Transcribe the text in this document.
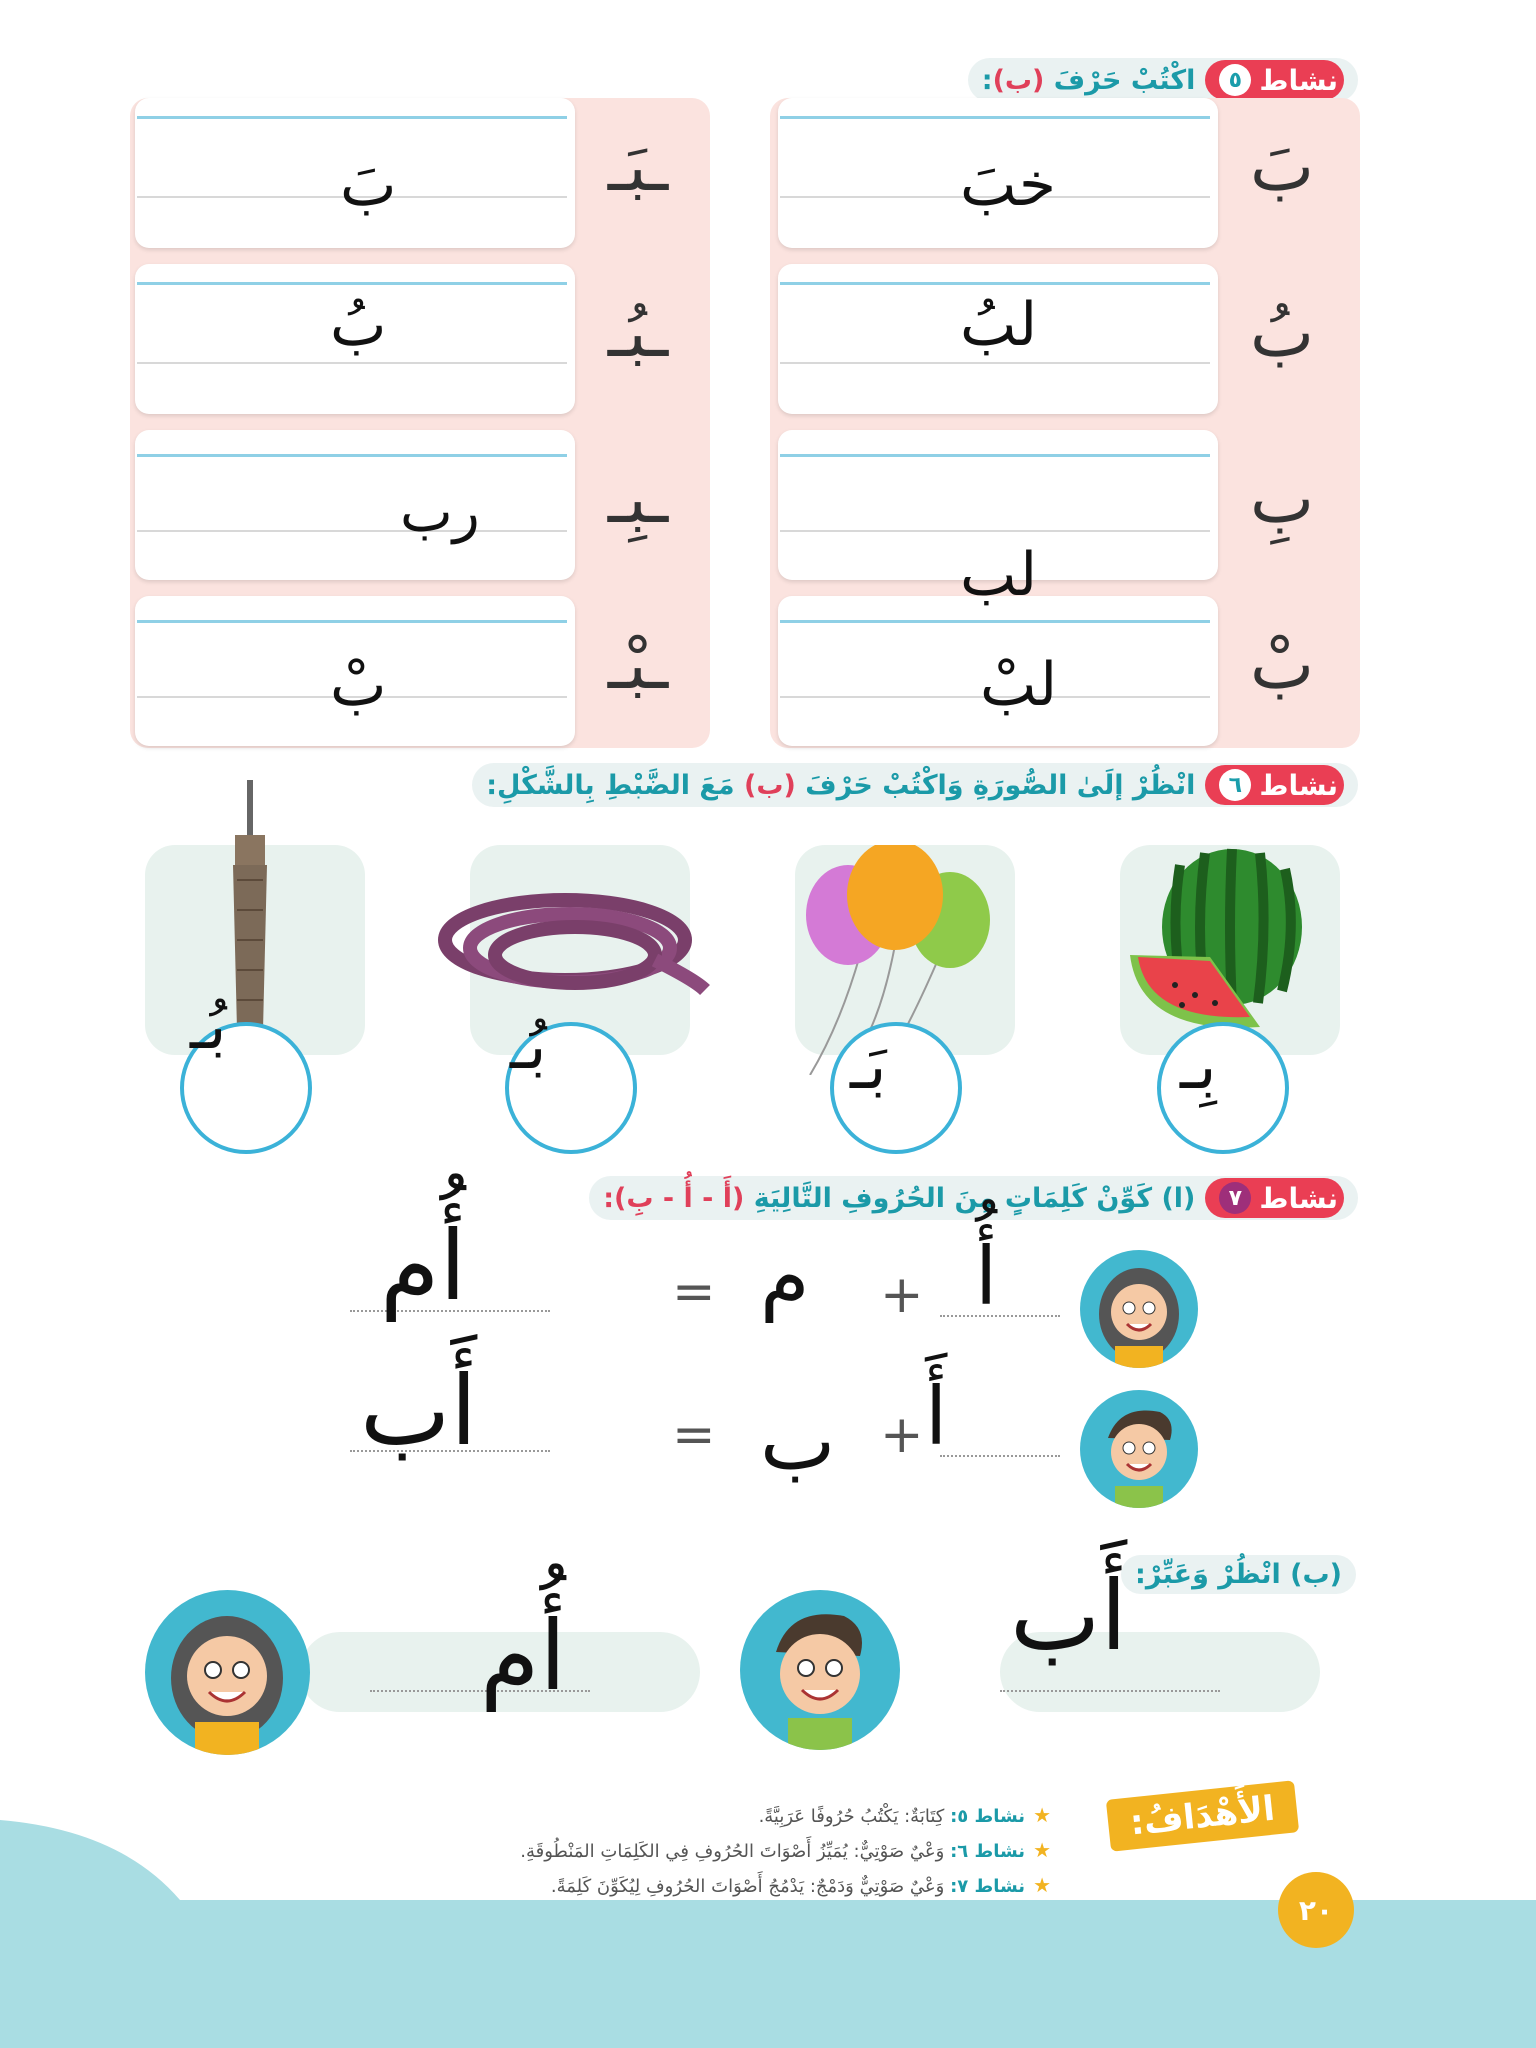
نشاط
٥
اكْتُبْ حَرْفَ (ب):
بَ
بُ
بِ
بْ
ـبَـ
ـبُـ
ـبِـ
ـبْـ
خبَ
لبُ
لب
لبْ
بَ
بُ
رب
بْ
نشاط
٦
انْظُرْ إلَىٰ الصُّورَةِ وَاكْتُبْ حَرْفَ (ب) مَعَ الضَّبْطِ بِالشَّكْلِ:
بِـ
بَـ
بُـ
بُـ
نشاط
٧
(ا) كَوِّنْ كَلِمَاتٍ مِنَ الحُرُوفِ التَّالِيَةِ (أَ - أُ - بِ):
أُ
+
م
=
أُم
أَ
+
ب
=
أَب
(ب) انْظُرْ وَعَبِّرْ:
أَب
أُم
الأَهْدَافُ:
★نشاط ٥: كِتَابَةٌ: يَكْتُبُ حُرُوفًا عَرَبِيَّةً.
★نشاط ٦: وَعْيٌ صَوْتِيٌّ: يُمَيِّزُ أَصْوَاتَ الحُرُوفِ فِي الكَلِمَاتِ المَنْطُوقَةِ.
★نشاط ٧: وَعْيٌ صَوْتِيٌّ وَدَمْجٌ: يَدْمُجُ أَصْوَاتَ الحُرُوفِ لِيُكَوِّنَ كَلِمَةً.
٢٠
